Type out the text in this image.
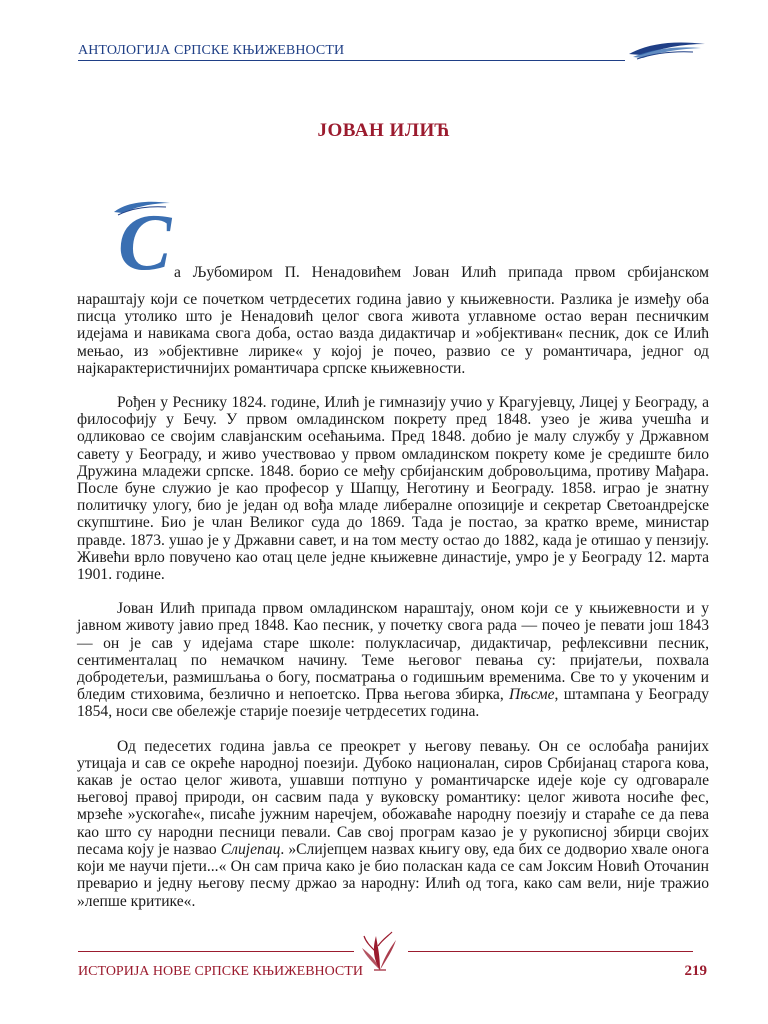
АНТОЛОГИЈА СРПСКЕ КЊИЖЕВНОСТИ
ЈОВАН ИЛИЋ
С а Љубомиром П. Ненадовићем Јован Илић припада првом србијанском

нараштају који се почетком четрдесетих година јавио у књижевности. Разлика је између оба писца утолико што је Ненадовић целог свога живота углавноме остао веран песничким идејама и навикама свога доба, остао вазда дидактичар и »објективан« песник, док се Илић мењао, из »објективне лирике« у којој је почео, развио се у романтичара, једног од најкарактеристичнијих романтичара српске књижевности.

Рођен у Реснику 1824. године, Илић је гимназију учио у Крагујевцу, Лицеј у Београду, а философију у Бечу. У првом омладинском покрету пред 1848. узео је жива учешћа и одликовао се својим славјанским осећањима. Пред 1848. добио је малу службу у Државном савету у Београду, и живо учествовао у првом омладинском покрету коме је средиште било Дружина младежи српске. 1848. борио се међу србијанским добровољцима, противу Мађара. После буне служио је као професор у Шапцу, Неготину и Београду. 1858. играо је знатну политичку улогу, био је један од вођа младе либералне опозиције и секретар Светоандрејске скупштине. Био је члан Великог суда до 1869. Тада је постао, за кратко време, министар правде. 1873. ушао је у Државни савет, и на том месту остао до 1882, када је отишао у пензију. Живећи врло повучено као отац целе једне књижевне династије, умро је у Београду 12. марта 1901. године.

Јован Илић припада првом омладинском нараштају, оном који се у књижевности и у јавном животу јавио пред 1848. Као песник, у почетку свога рада — почео је певати још 1843 — он је сав у идејама старе школе: полукласичар, дидактичар, рефлексивни песник, сентименталац по немачком начину. Теме његовог певања су: пријатељи, похвала добродетељи, размишљања о богу, посматрања о годишњим временима. Све то у укоченим и бледим стиховима, безлично и непоетско. Прва његова збирка, Пѣсме, штампана у Београду 1854, носи све обележје старије поезије четрдесетих година.

Од педесетих година јавља се преокрет у његову певању. Он се ослобађа ранијих утицаја и сав се окреће народној поезији. Дубоко националан, сиров Србијанац старога кова, какав је остао целог живота, ушавши потпуно у романтичарске идеје које су одговарале његовој правој природи, он сасвим пада у вуковску романтику: целог живота носиће фес, мрзеће »ускогаће«, писаће јужним наречјем, обожаваће народну поезију и стараће се да пева као што су народни песници певали. Сав свој програм казао је у рукописној збирци својих песама коју је назвао Слијепац. »Слијепцем назвах књигу ову, еда бих се додворио хвале онога који ме научи пјети...« Он сам прича како је био поласкан када се сам Јоксим Новић Оточанин преварио и једну његову песму држао за народну: Илић од тога, како сам вели, није тражио »лепше критике«.

ИСТОРИЈА НОВЕ СРПСКЕ КЊИЖЕВНОСТИ	219
